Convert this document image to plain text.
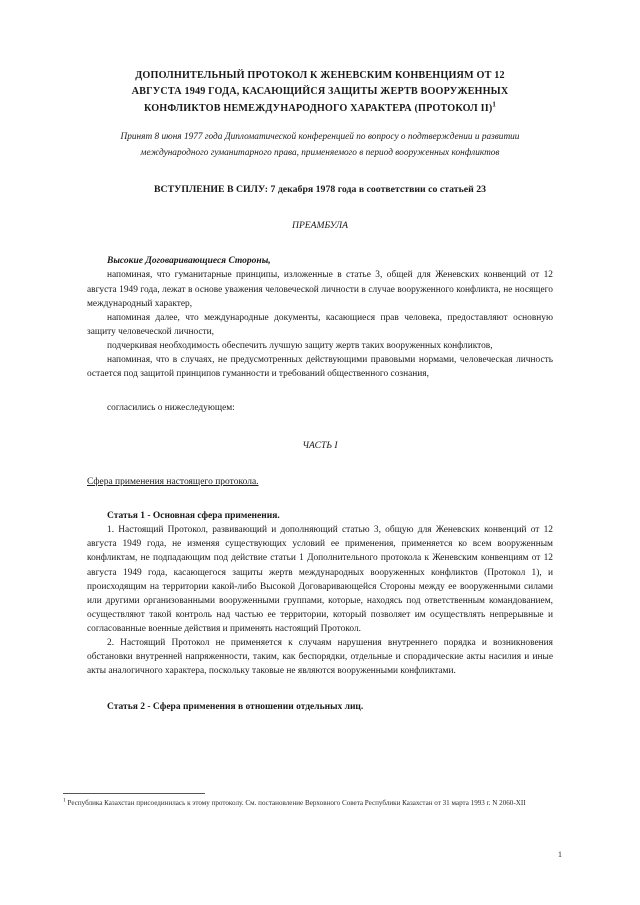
ДОПОЛНИТЕЛЬНЫЙ ПРОТОКОЛ К ЖЕНЕВСКИМ КОНВЕНЦИЯМ ОТ 12
АВГУСТА 1949 ГОДА, КАСАЮЩИЙСЯ ЗАЩИТЫ ЖЕРТВ ВООРУЖЕННЫХ
КОНФЛИКТОВ НЕМЕЖДУНАРОДНОГО ХАРАКТЕРА (ПРОТОКОЛ II)$^1$
Принят 8 июня 1977 года Дипломатической конференцией по вопросу о подтверждении и развитии международного гуманитарного права, применяемого в период вооруженных конфликтов
ВСТУПЛЕНИЕ В СИЛУ: 7 декабря 1978 года в соответствии со статьей 23
ПРЕАМБУЛА
Высокие Договаривающиеся Стороны,

напоминая, что гуманитарные принципы, изложенные в статье 3, общей для Женевских конвенций от 12 августа 1949 года, лежат в основе уважения человеческой личности в случае вооруженного конфликта, не носящего международный характер,

напоминая далее, что международные документы, касающиеся прав человека, предоставляют основную защиту человеческой личности,

подчеркивая необходимость обеспечить лучшую защиту жертв таких вооруженных конфликтов,

напоминая, что в случаях, не предусмотренных действующими правовыми нормами, человеческая личность остается под защитой принципов гуманности и требований общественного сознания,

согласились о нижеследующем:

ЧАСТЬ I
Сфера применения настоящего протокола.
Статья 1 - Основная сфера применения.

1. Настоящий Протокол, развивающий и дополняющий статью 3, общую для Женевских конвенций от 12 августа 1949 года, не изменяя существующих условий ее применения, применяется ко всем вооруженным конфликтам, не подпадающим под действие статьи 1 Дополнительного протокола к Женевским конвенциям от 12 августа 1949 года, касающегося защиты жертв международных вооруженных конфликтов (Протокол 1), и происходящим на территории какой-либо Высокой Договаривающейся Стороны между ее вооруженными силами или другими организованными вооруженными группами, которые, находясь под ответственным командованием, осуществляют такой контроль над частью ее территории, который позволяет им осуществлять непрерывные и согласованные военные действия и применять настоящий Протокол.

2. Настоящий Протокол не применяется к случаям нарушения внутреннего порядка и возникновения обстановки внутренней напряженности, таким, как беспорядки, отдельные и спорадические акты насилия и иные акты аналогичного характера, поскольку таковые не являются вооруженными конфликтами.

Статья 2 - Сфера применения в отношении отдельных лиц.

$^1$ Республика Казахстан присоединилась к этому протоколу. См. постановление Верховного Совета Республики Казахстан от 31 марта 1993 г. N 2060-XII

1
